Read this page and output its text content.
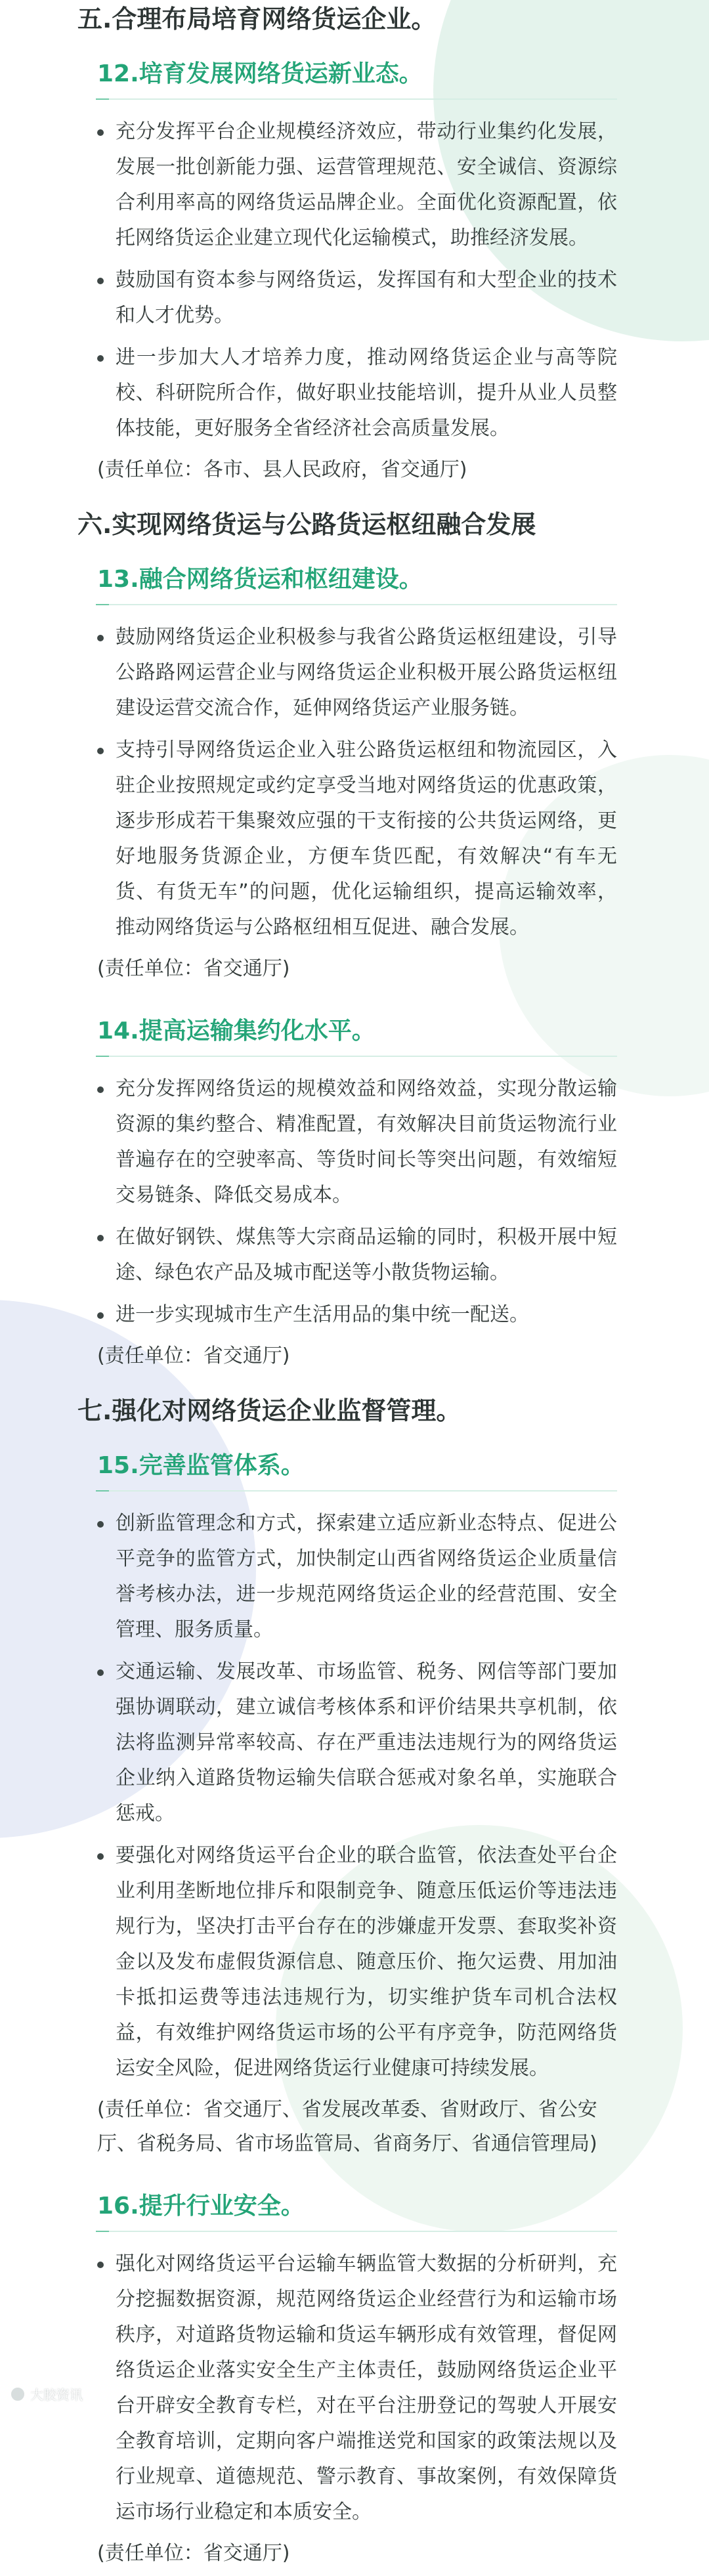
五.合理布局培育网络货运企业。
12.培育发展网络货运新业态。
充分发挥平台企业规模经济效应，带动行业集约化发展，发展一批创新能力强、运营管理规范、安全诚信、资源综合利用率高的网络货运品牌企业。全面优化资源配置，依托网络货运企业建立现代化运输模式，助推经济发展。
鼓励国有资本参与网络货运，发挥国有和大型企业的技术和人才优势。
进一步加大人才培养力度，推动网络货运企业与高等院校、科研院所合作，做好职业技能培训，提升从业人员整体技能，更好服务全省经济社会高质量发展。
(责任单位：各市、县人民政府，省交通厅)
六.实现网络货运与公路货运枢纽融合发展
13.融合网络货运和枢纽建设。
鼓励网络货运企业积极参与我省公路货运枢纽建设，引导公路路网运营企业与网络货运企业积极开展公路货运枢纽建设运营交流合作，延伸网络货运产业服务链。
支持引导网络货运企业入驻公路货运枢纽和物流园区，入驻企业按照规定或约定享受当地对网络货运的优惠政策，逐步形成若干集聚效应强的干支衔接的公共货运网络，更好地服务货源企业，方便车货匹配，有效解决“有车无货、有货无车”的问题，优化运输组织，提高运输效率，推动网络货运与公路枢纽相互促进、融合发展。
(责任单位：省交通厅)
14.提高运输集约化水平。
充分发挥网络货运的规模效益和网络效益，实现分散运输资源的集约整合、精准配置，有效解决目前货运物流行业普遍存在的空驶率高、等货时间长等突出问题，有效缩短交易链条、降低交易成本。
在做好钢铁、煤焦等大宗商品运输的同时，积极开展中短途、绿色农产品及城市配送等小散货物运输。
进一步实现城市生产生活用品的集中统一配送。
(责任单位：省交通厅)
七.强化对网络货运企业监督管理。
15.完善监管体系。
创新监管理念和方式，探索建立适应新业态特点、促进公平竞争的监管方式，加快制定山西省网络货运企业质量信誉考核办法，进一步规范网络货运企业的经营范围、安全管理、服务质量。
交通运输、发展改革、市场监管、税务、网信等部门要加强协调联动，建立诚信考核体系和评价结果共享机制，依法将监测异常率较高、存在严重违法违规行为的网络货运企业纳入道路货物运输失信联合惩戒对象名单，实施联合惩戒。
要强化对网络货运平台企业的联合监管，依法查处平台企业利用垄断地位排斥和限制竞争、随意压低运价等违法违规行为，坚决打击平台存在的涉嫌虚开发票、套取奖补资金以及发布虚假货源信息、随意压价、拖欠运费、用加油卡抵扣运费等违法违规行为，切实维护货车司机合法权益，有效维护网络货运市场的公平有序竞争，防范网络货运安全风险，促进网络货运行业健康可持续发展。
(责任单位：省交通厅、省发展改革委、省财政厅、省公安厅、省税务局、省市场监管局、省商务厅、省通信管理局)
16.提升行业安全。
强化对网络货运平台运输车辆监管大数据的分析研判，充分挖掘数据资源，规范网络货运企业经营行为和运输市场秩序，对道路货物运输和货运车辆形成有效管理，督促网络货运企业落实安全生产主体责任，鼓励网络货运企业平台开辟安全教育专栏，对在平台注册登记的驾驶人开展安全教育培训，定期向客户端推送党和国家的政策法规以及行业规章、道德规范、警示教育、事故案例，有效保障货运市场行业稳定和本质安全。
(责任单位：省交通厅)
大胶资讯
